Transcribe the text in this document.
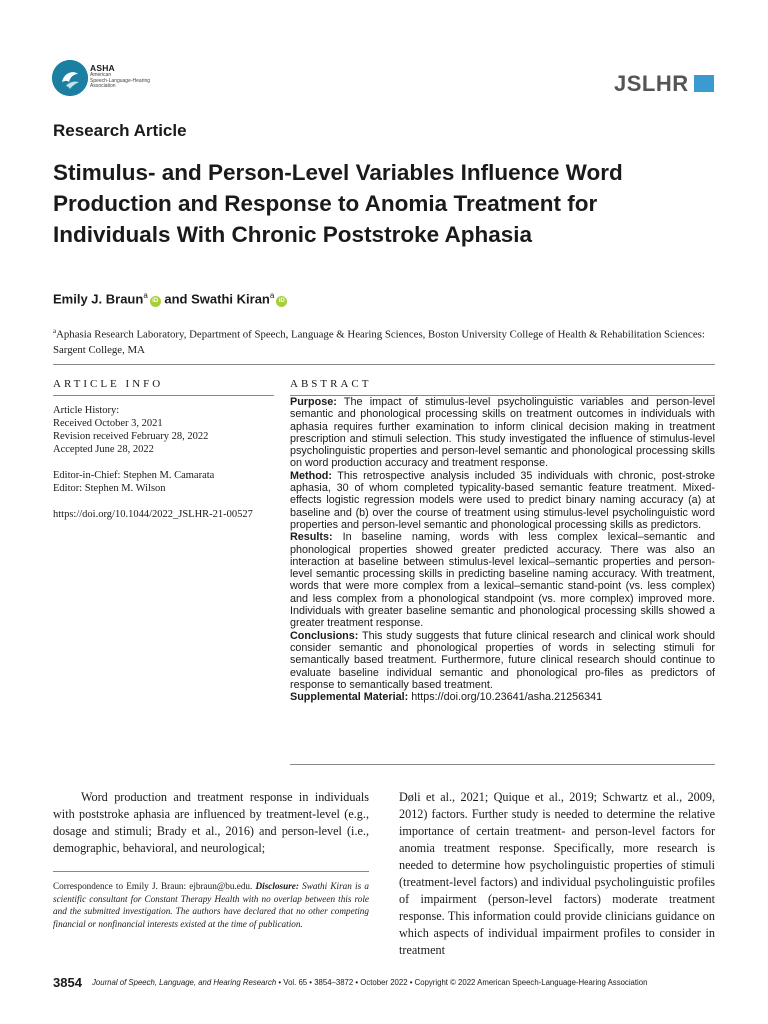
ASHA
American
Speech-Language-Hearing
Association	JSLHR
Research Article
Stimulus- and Person-Level Variables Influence Word Production and Response to Anomia Treatment for Individuals With Chronic Poststroke Aphasia
Emily J. Braun$^a$iD and Swathi Kiran$^a$iD
$^a$Aphasia Research Laboratory, Department of Speech, Language & Hearing Sciences, Boston University College of Health & Rehabilitation Sciences: Sargent College, MA
ARTICLE INFO	ABSTRACT
Article History:
Received October 3, 2021
Revision received February 28, 2022
Accepted June 28, 2022
Editor-in-Chief: Stephen M. Camarata
Editor: Stephen M. Wilson
https://doi.org/10.1044/2022_JSLHR-21-00527

Purpose: The impact of stimulus-level psycholinguistic variables and person-level semantic and phonological processing skills on treatment outcomes in individuals with aphasia requires further examination to inform clinical decision making in treatment prescription and stimuli selection. This study investigated the influence of stimulus-level psycholinguistic properties and person-level semantic and phonological processing skills on word production accuracy and treatment response.

Method: This retrospective analysis included 35 individuals with chronic, post-stroke aphasia, 30 of whom completed typicality-based semantic feature treatment. Mixed-effects logistic regression models were used to predict binary naming accuracy (a) at baseline and (b) over the course of treatment using stimulus-level psycholinguistic word properties and person-level semantic and phonological processing skills as predictors.

Results: In baseline naming, words with less complex lexical–semantic and phonological properties showed greater predicted accuracy. There was also an interaction at baseline between stimulus-level lexical–semantic properties and person-level semantic processing skills in predicting baseline naming accuracy. With treatment, words that were more complex from a lexical–semantic stand-point (vs. less complex) and less complex from a phonological standpoint (vs. more complex) improved more. Individuals with greater baseline semantic and phonological processing skills showed a greater treatment response.

Conclusions: This study suggests that future clinical research and clinical work should consider semantic and phonological properties of words in selecting stimuli for semantically based treatment. Furthermore, future clinical research should continue to evaluate baseline individual semantic and phonological pro-files as predictors of response to semantically based treatment.

Supplemental Material: https://doi.org/10.23641/asha.21256341

Word production and treatment response in individuals with poststroke aphasia are influenced by treatment-level (e.g., dosage and stimuli; Brady et al., 2016) and person-level (i.e., demographic, behavioral, and neurological;
Døli et al., 2021; Quique et al., 2019; Schwartz et al., 2009, 2012) factors. Further study is needed to determine the relative importance of certain treatment- and person-level factors for anomia treatment response. Specifically, more research is needed to determine how psycholinguistic properties of stimuli (treatment-level factors) and individual psycholinguistic profiles of impairment (person-level factors) moderate treatment response. This information could provide clinicians guidance on which aspects of individual impairment profiles to consider in treatment
Correspondence to Emily J. Braun: ejbraun@bu.edu. Disclosure: Swathi Kiran is a scientific consultant for Constant Therapy Health with no overlap between this role and the submitted investigation. The authors have declared that no other competing financial or nonfinancial interests existed at the time of publication.
3854 Journal of Speech, Language, and Hearing Research • Vol. 65 • 3854–3872 • October 2022 • Copyright © 2022 American Speech-Language-Hearing Association
